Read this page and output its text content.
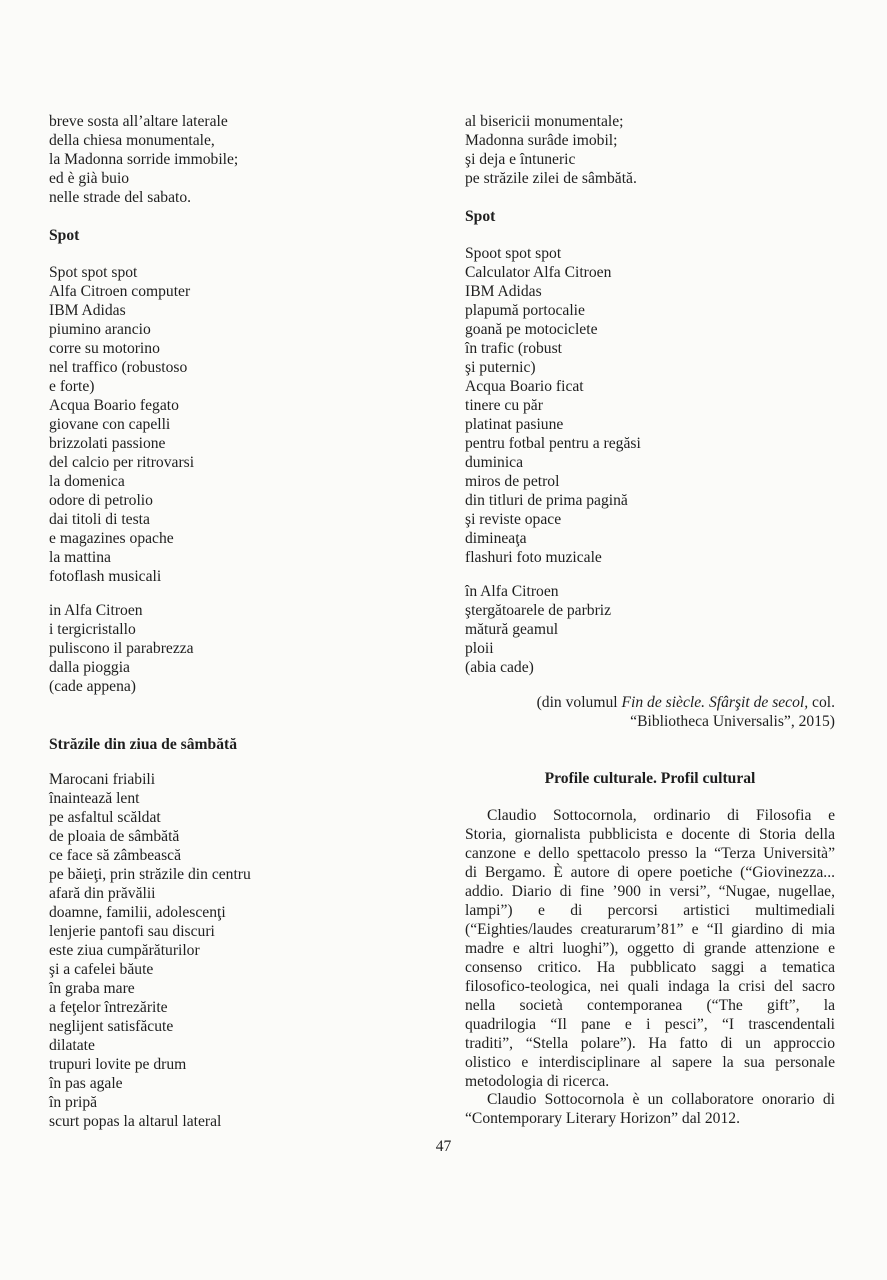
breve sosta all’altare laterale
della chiesa monumentale,
la Madonna sorride immobile;
ed è già buio
nelle strade del sabato.
Spot
Spot spot spot
Alfa Citroen computer
IBM Adidas
piumino arancio
corre su motorino
nel traffico (robustoso
e forte)
Acqua Boario fegato
giovane con capelli
brizzolati passione
del calcio per ritrovarsi
la domenica
odore di petrolio
dai titoli di testa
e magazines opache
la mattina
fotoflash musicali
in Alfa Citroen
i tergicristallo
puliscono il parabrezza
dalla pioggia
(cade appena)
Străzile din ziua de sâmbătă
Marocani friabili
înaintează lent
pe asfaltul scăldat
de ploaia de sâmbătă
ce face să zâmbească
pe băieţi, prin străzile din centru
afară din prăvălii
doamne, familii, adolescenţi
lenjerie pantofi sau discuri
este ziua cumpărăturilor
şi a cafelei băute
în graba mare
a feţelor întrezărite
neglijent satisfăcute
dilatate
trupuri lovite pe drum
în pas agale
în pripă
scurt popas la altarul lateral
al bisericii monumentale;
Madonna surâde imobil;
şi deja e întuneric
pe străzile zilei de sâmbătă.
Spot
Spoot spot spot
Calculator Alfa Citroen
IBM Adidas
plapumă portocalie
goană pe motociclete
în trafic (robust
şi puternic)
Acqua Boario ficat
tinere cu păr
platinat pasiune
pentru fotbal pentru a regăsi
duminica
miros de petrol
din titluri de prima pagină
şi reviste opace
dimineaţa
flashuri foto muzicale
în Alfa Citroen
ştergătoarele de parbriz
mătură geamul
ploii
(abia cade)
(din volumul Fin de siècle. Sfârşit de secol, col.
“Bibliotheca Universalis”, 2015)
Profile culturale. Profil cultural
Claudio Sottocornola, ordinario di Filosofia e
Storia, giornalista pubblicista e docente di Storia della
canzone e dello spettacolo presso la “Terza Università”
di Bergamo. È autore di opere poetiche (“Giovinezza...
addio. Diario di fine ’900 in versi”, “Nugae, nugellae,
lampi”) e di percorsi artistici multimediali
(“Eighties/laudes creaturarum’81” e “Il giardino di mia
madre e altri luoghi”), oggetto di grande attenzione e
consenso critico. Ha pubblicato saggi a tematica
filosofico-teologica, nei quali indaga la crisi del sacro
nella società contemporanea (“The gift”, la
quadrilogia “Il pane e i pesci”, “I trascendentali
traditi”, “Stella polare”). Ha fatto di un approccio
olistico e interdisciplinare al sapere la sua personale
metodologia di ricerca.
Claudio Sottocornola è un collaboratore onorario di
“Contemporary Literary Horizon” dal 2012.
47
